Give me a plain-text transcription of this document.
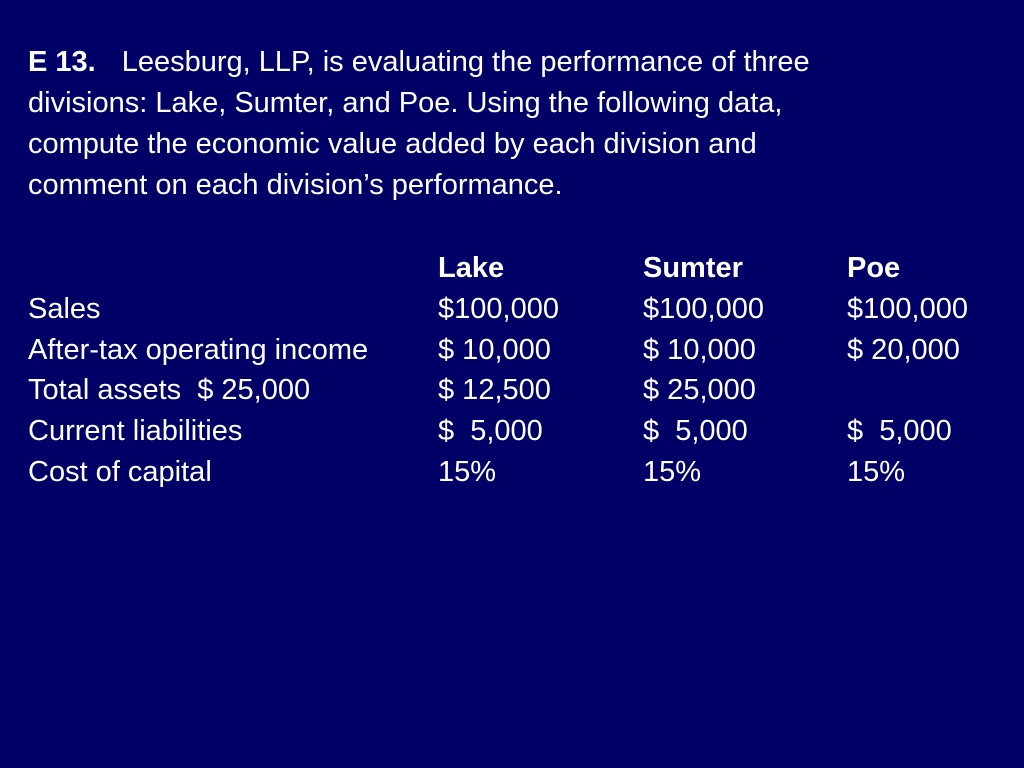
E 13. Leesburg, LLP, is evaluating the performance of three
divisions: Lake, Sumter, and Poe. Using the following data,
compute the economic value added by each division and
comment on each division’s performance.
Lake	Sumter	Poe
Sales	$100,000	$100,000	$100,000
After-tax operating income $ 10,000	$ 10,000	$ 20,000
Total assets  $ 25,000	$ 12,500	$ 25,000
Current liabilities	$  5,000	$  5,000	$  5,000
Cost of capital	15%	15%	15%
